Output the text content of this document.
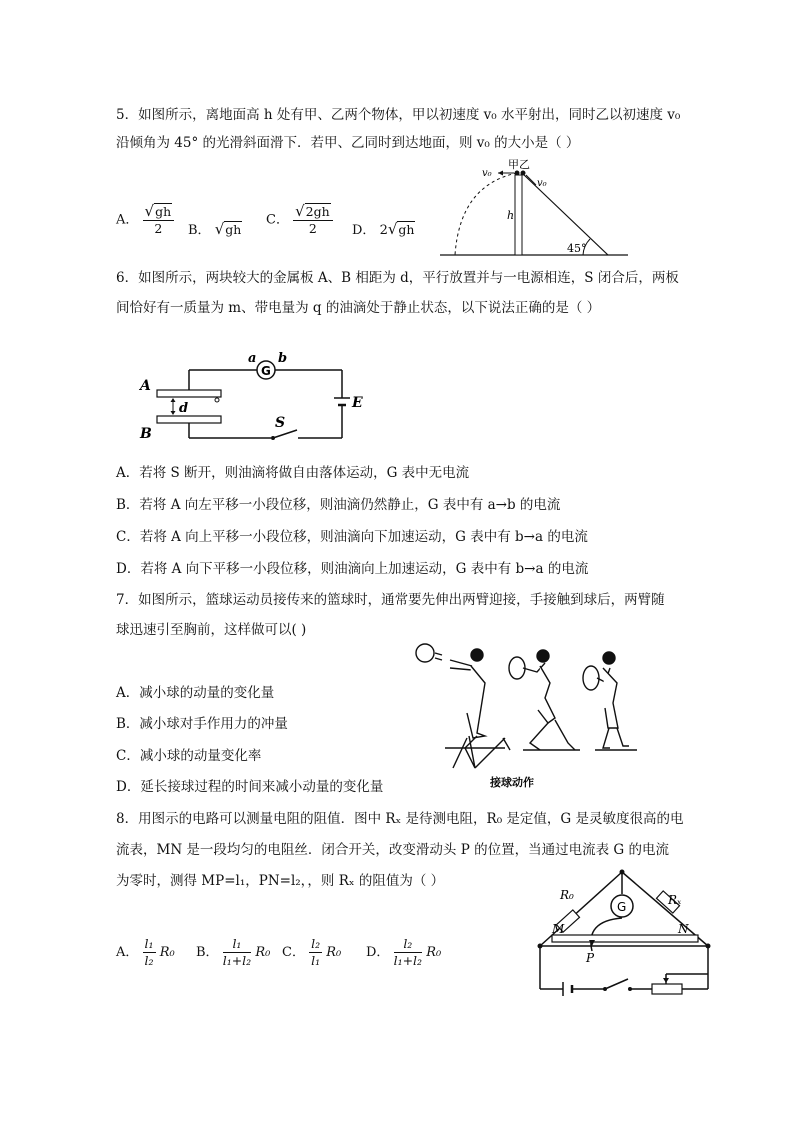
5．如图所示，离地面高 h 处有甲、乙两个物体，甲以初速度 v₀ 水平射出，同时乙以初速度 v₀
沿倾角为 45° 的光滑斜面滑下．若甲、乙同时到达地面，则 v₀ 的大小是（ ）
A． $\frac{√gh}{2}$ B． √gh
C． $\frac{√2gh}{2}$ D． 2√gh
甲乙
v₀
v₀
h
45°
6．如图所示，两块较大的金属板 A、B 相距为 d，平行放置并与一电源相连，S 闭合后，两板
间恰好有一质量为 m、带电量为 q 的油滴处于静止状态，以下说法正确的是（ ）
a b
G
A
B
d	E
S
A．若将 S 断开，则油滴将做自由落体运动，G 表中无电流
B．若将 A 向左平移一小段位移，则油滴仍然静止，G 表中有 a→b 的电流
C．若将 A 向上平移一小段位移，则油滴向下加速运动，G 表中有 b→a 的电流
D．若将 A 向下平移一小段位移，则油滴向上加速运动，G 表中有 b→a 的电流
7．如图所示，篮球运动员接传来的篮球时，通常要先伸出两臂迎接，手接触到球后，两臂随
球迅速引至胸前，这样做可以( )
A．减小球的动量的变化量
B．减小球对手作用力的冲量
C．减小球的动量变化率
D．延长接球过程的时间来减小动量的变化量	接球动作
8．用图示的电路可以测量电阻的阻值．图中 Rₓ 是待测电阻，R₀ 是定值，G 是灵敏度很高的电
流表，MN 是一段均匀的电阻丝．闭合开关，改变滑动头 P 的位置，当通过电流表 G 的电流
为零时，测得 MP=l₁，PN=l₂，，则 Rₓ 的阻值为（ ）
A． $\frac{\text{l₁}}{\text{l₂}} R_0$ B． $\frac{\text{l₁}}{\text{l₁+l₂}} R_0$ C． $\frac{\text{l₂}}{\text{l₁}} R_0$ D． $\frac{\text{l₂}}{\text{l₁+l₂}} R_0$
R₀	Rₓ
G
M	N
P
